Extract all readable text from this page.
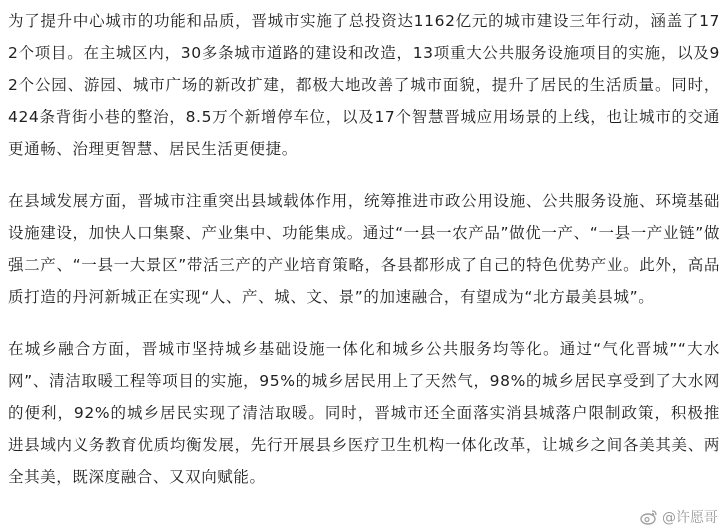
为了提升中心城市的功能和品质，晋城市实施了总投资达1162亿元的城市建设三年行动，涵盖了172个项目。在主城区内，30多条城市道路的建设和改造，13项重大公共服务设施项目的实施，以及92个公园、游园、城市广场的新改扩建，都极大地改善了城市面貌，提升了居民的生活质量。同时，424条背街小巷的整治，8.5万个新增停车位，以及17个智慧晋城应用场景的上线，也让城市的交通更通畅、治理更智慧、居民生活更便捷。

在县域发展方面，晋城市注重突出县域载体作用，统筹推进市政公用设施、公共服务设施、环境基础设施建设，加快人口集聚、产业集中、功能集成。通过“一县一农产品”做优一产、“一县一产业链”做强二产、“一县一大景区”带活三产的产业培育策略，各县都形成了自己的特色优势产业。此外，高品质打造的丹河新城正在实现“人、产、城、文、景”的加速融合，有望成为“北方最美县城”。

在城乡融合方面，晋城市坚持城乡基础设施一体化和城乡公共服务均等化。通过“气化晋城”“大水网”、清洁取暖工程等项目的实施，95%的城乡居民用上了天然气，98%的城乡居民享受到了大水网的便利，92%的城乡居民实现了清洁取暖。同时，晋城市还全面落实消县城落户限制政策，积极推进县域内义务教育优质均衡发展，先行开展县乡医疗卫生机构一体化改革，让城乡之间各美其美、两全其美，既深度融合、又双向赋能。

@许愿哥
